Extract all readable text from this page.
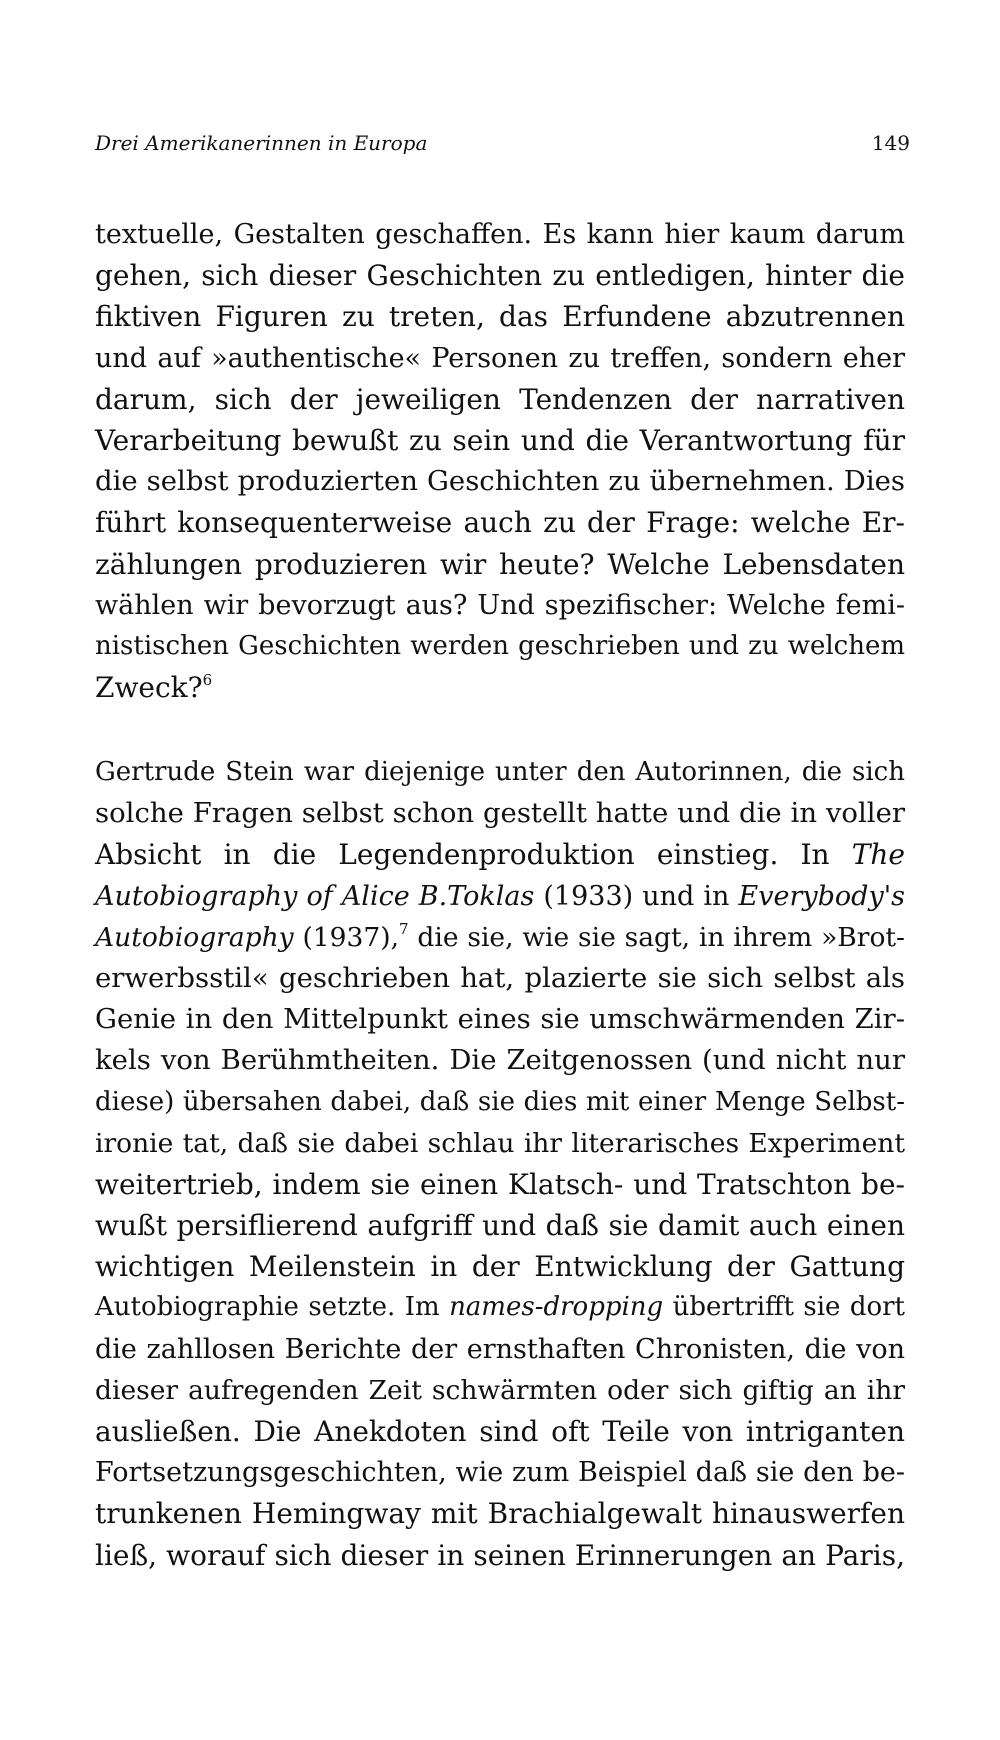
Drei Amerikanerinnen in Europa	149
textuelle, Gestalten geschaffen. Es kann hier kaum darum
gehen, sich dieser Geschichten zu entledigen, hinter die
fiktiven Figuren zu treten, das Erfundene abzutrennen
und auf »authentische« Personen zu treffen, sondern eher
darum, sich der jeweiligen Tendenzen der narrativen
Verarbeitung bewußt zu sein und die Verantwortung für
die selbst produzierten Geschichten zu übernehmen. Dies
führt konsequenterweise auch zu der Frage: welche Er-
zählungen produzieren wir heute? Welche Lebensdaten
wählen wir bevorzugt aus? Und spezifischer: Welche femi-
nistischen Geschichten werden geschrieben und zu welchem
Zweck?$^6$
Gertrude Stein war diejenige unter den Autorinnen, die sich
solche Fragen selbst schon gestellt hatte und die in voller
Absicht in die Legendenproduktion einstieg. In The
Autobiography of Alice B.Toklas (1933) und in Everybody's
Autobiography (1937),$^7$ die sie, wie sie sagt, in ihrem »Brot-
erwerbsstil« geschrieben hat, plazierte sie sich selbst als
Genie in den Mittelpunkt eines sie umschwärmenden Zir-
kels von Berühmtheiten. Die Zeitgenossen (und nicht nur
diese) übersahen dabei, daß sie dies mit einer Menge Selbst-
ironie tat, daß sie dabei schlau ihr literarisches Experiment
weitertrieb, indem sie einen Klatsch- und Tratschton be-
wußt persiflierend aufgriff und daß sie damit auch einen
wichtigen Meilenstein in der Entwicklung der Gattung
Autobiographie setzte. Im names-dropping übertrifft sie dort
die zahllosen Berichte der ernsthaften Chronisten, die von
dieser aufregenden Zeit schwärmten oder sich giftig an ihr
ausließen. Die Anekdoten sind oft Teile von intriganten
Fortsetzungsgeschichten, wie zum Beispiel daß sie den be-
trunkenen Hemingway mit Brachialgewalt hinauswerfen
ließ, worauf sich dieser in seinen Erinnerungen an Paris,
